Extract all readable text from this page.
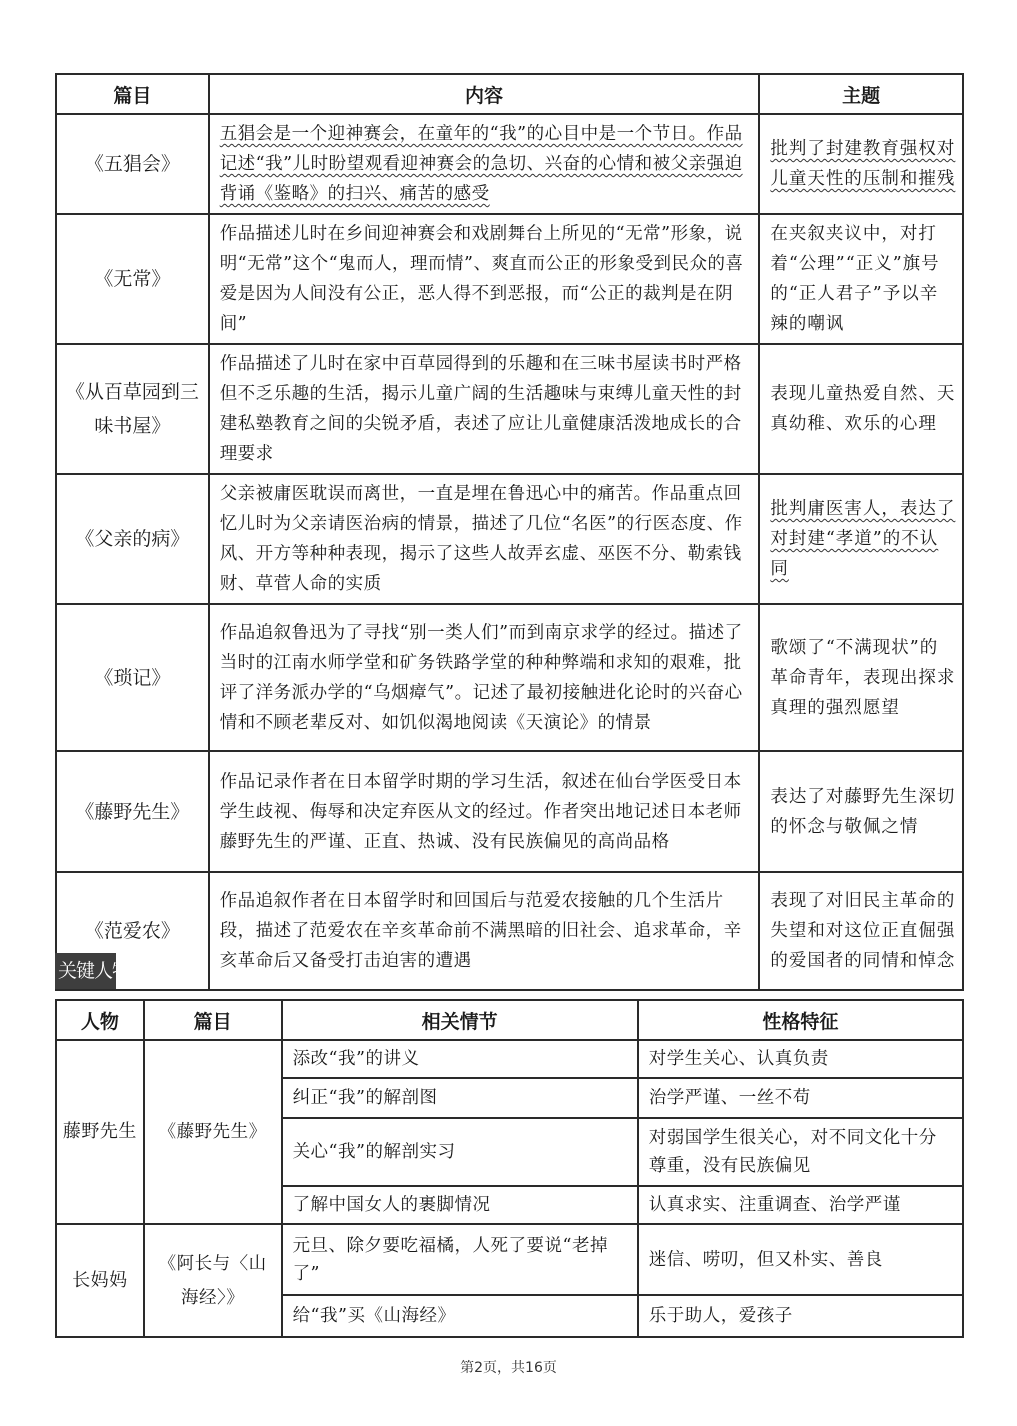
篇目	内容	主题
《五猖会》	五猖会是一个迎神赛会，在童年的“我”的心目中是一个节日。作品记述“我”儿时盼望观看迎神赛会的急切、兴奋的心情和被父亲强迫背诵《鉴略》的扫兴、痛苦的感受	批判了封建教育强权对儿童天性的压制和摧残
《无常》	作品描述儿时在乡间迎神赛会和戏剧舞台上所见的“无常”形象，说明“无常”这个“鬼而人，理而情”、爽直而公正的形象受到民众的喜爱是因为人间没有公正，恶人得不到恶报，而“公正的裁判是在阴间”	在夹叙夹议中，对打着“公理”“正义”旗号的“正人君子”予以辛辣的嘲讽
《从百草园到三味书屋》	作品描述了儿时在家中百草园得到的乐趣和在三味书屋读书时严格但不乏乐趣的生活，揭示儿童广阔的生活趣味与束缚儿童天性的封建私塾教育之间的尖锐矛盾，表述了应让儿童健康活泼地成长的合理要求	表现儿童热爱自然、天真幼稚、欢乐的心理
《父亲的病》	父亲被庸医耽误而离世，一直是埋在鲁迅心中的痛苦。作品重点回忆儿时为父亲请医治病的情景，描述了几位“名医”的行医态度、作风、开方等种种表现，揭示了这些人故弄玄虚、巫医不分、勒索钱财、草菅人命的实质	批判庸医害人，表达了对封建“孝道”的不认同
《琐记》	作品追叙鲁迅为了寻找“别一类人们”而到南京求学的经过。描述了当时的江南水师学堂和矿务铁路学堂的种种弊端和求知的艰难，批评了洋务派办学的“乌烟瘴气”。记述了最初接触进化论时的兴奋心情和不顾老辈反对、如饥似渴地阅读《天演论》的情景	歌颂了“不满现状”的革命青年，表现出探求真理的强烈愿望
《藤野先生》	作品记录作者在日本留学时期的学习生活，叙述在仙台学医受日本学生歧视、侮辱和决定弃医从文的经过。作者突出地记述日本老师藤野先生的严谨、正直、热诚、没有民族偏见的高尚品格	表达了对藤野先生深切的怀念与敬佩之情
《范爱农》	作品追叙作者在日本留学时和回国后与范爱农接触的几个生活片段，描述了范爱农在辛亥革命前不满黑暗的旧社会、追求革命，辛亥革命后又备受打击迫害的遭遇	表现了对旧民主革命的失望和对这位正直倔强的爱国者的同情和悼念
关键人物
人物	篇目	相关情节	性格特征
藤野先生	《藤野先生》	添改“我”的讲义	对学生关心、认真负责
		纠正“我”的解剖图	治学严谨、一丝不苟
		关心“我”的解剖实习	对弱国学生很关心，对不同文化十分尊重，没有民族偏见
		了解中国女人的裹脚情况	认真求实、注重调查、治学严谨
长妈妈	《阿长与〈山海经〉》	元旦、除夕要吃福橘，人死了要说“老掉了”	迷信、唠叨，但又朴实、善良
		给“我”买《山海经》	乐于助人，爱孩子
第2页，共16页
